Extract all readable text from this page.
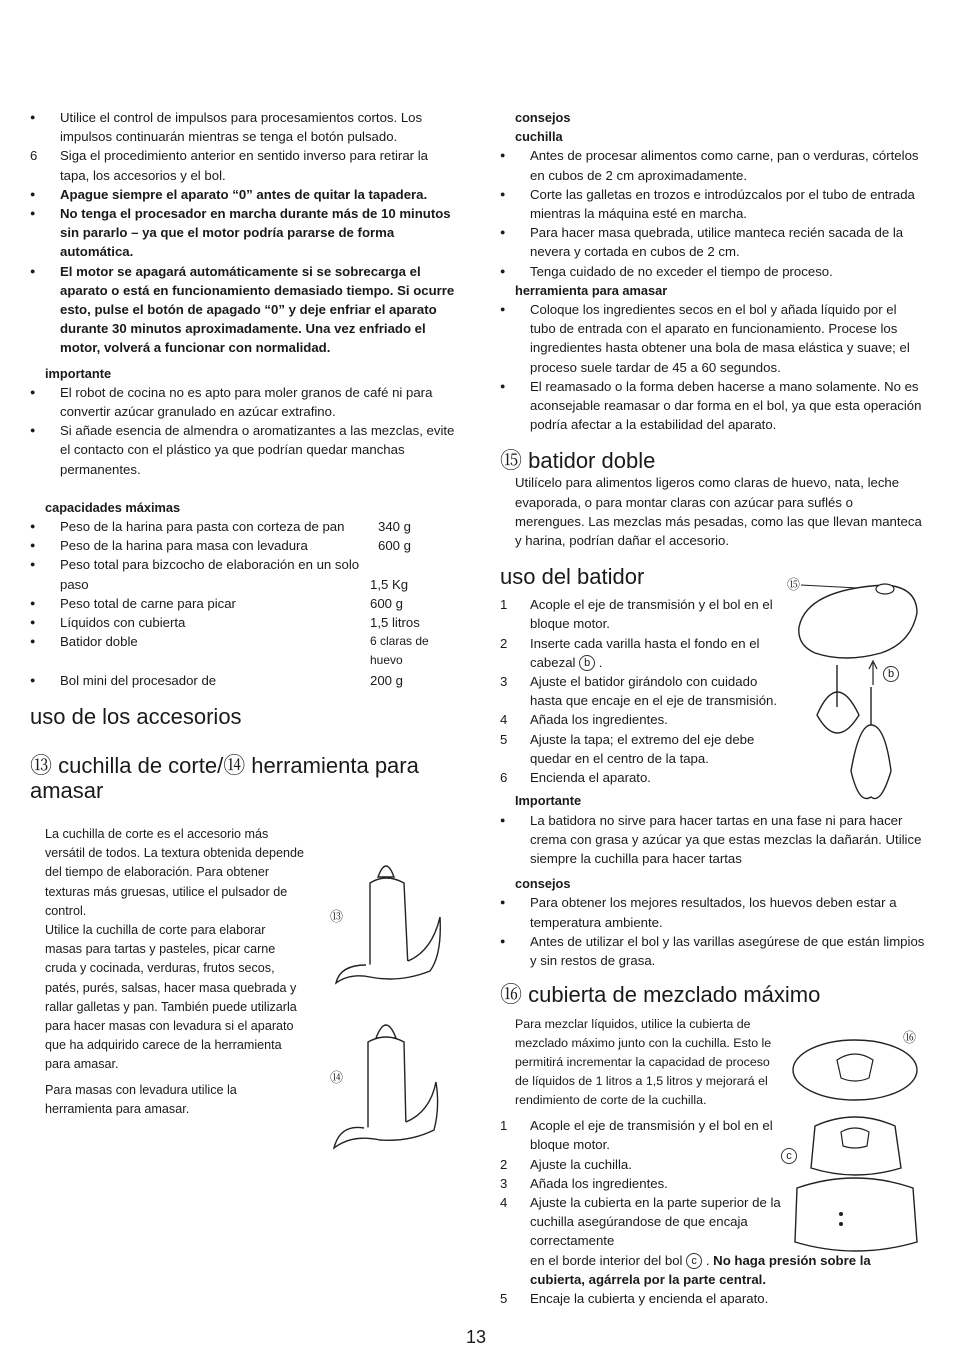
● Utilice el control de impulsos para procesamientos cortos. Los impulsos continuarán mientras se tenga el botón pulsado.
6 Siga el procedimiento anterior en sentido inverso para retirar la tapa, los accesorios y el bol.
● Apague siempre el aparato “0” antes de quitar la tapadera.
● No tenga el procesador en marcha durante más de 10 minutos sin pararlo – ya que el motor podría pararse de forma automática.
● El motor se apagará automáticamente si se sobrecarga el aparato o está en funcionamiento demasiado tiempo. Si ocurre esto, pulse el botón de apagado “0” y deje enfriar el aparato durante 30 minutos aproximadamente. Una vez enfriado el motor, volverá a funcionar con normalidad.
importante
● El robot de cocina no es apto para moler granos de café ni para convertir azúcar granulado en azúcar extrafino.
● Si añade esencia de almendra o aromatizantes a las mezclas, evite el contacto con el plástico ya que podrían quedar manchas permanentes.
capacidades máximas
● Peso de la harina para pasta con corteza de pan	340 g
● Peso de la harina para masa con levadura	600 g
● Peso total para bizcocho de elaboración en un solo paso	1,5 Kg
● Peso total de carne para picar	600 g
● Líquidos con cubierta	1,5 litros
● Batidor doble	6 claras de huevo
● Bol mini del procesador de	200 g
uso de los accesorios
⑬ cuchilla de corte/⑭ herramienta para amasar
La cuchilla de corte es el accesorio más versátil de todos. La textura obtenida depende del tiempo de elaboración. Para obtener texturas más gruesas, utilice el pulsador de control.
Utilice la cuchilla de corte para elaborar masas para tartas y pasteles, picar carne cruda y cocinada, verduras, frutos secos, patés, purés, salsas, hacer masa quebrada y rallar galletas y pan. También puede utilizarla para hacer masas con levadura si el aparato que ha adquirido carece de la herramienta para amasar.
Para masas con levadura utilice la herramienta para amasar.
⑬
⑭
consejos
cuchilla
● Antes de procesar alimentos como carne, pan o verduras, córtelos en cubos de 2 cm aproximadamente.
● Corte las galletas en trozos e introdúzcalos por el tubo de entrada mientras la máquina esté en marcha.
● Para hacer masa quebrada, utilice manteca recién sacada de la nevera y cortada en cubos de 2 cm.
● Tenga cuidado de no exceder el tiempo de proceso.
herramienta para amasar
● Coloque los ingredientes secos en el bol y añada líquido por el tubo de entrada con el aparato en funcionamiento. Procese los ingredientes hasta obtener una bola de masa elástica y suave; el proceso suele tardar de 45 a 60 segundos.
● El reamasado o la forma deben hacerse a mano solamente. No es aconsejable reamasar o dar forma en el bol, ya que esta operación podría afectar a la estabilidad del aparato.
⑮ batidor doble
Utilícelo para alimentos ligeros como claras de huevo, nata, leche evaporada, o para montar claras con azúcar para suflés o merengues. Las mezclas más pesadas, como las que llevan manteca y harina, podrían dañar el accesorio.
uso del batidor
1 Acople el eje de transmisión y el bol en el bloque motor.
2 Inserte cada varilla hasta el fondo en el cabezal b .
3 Ajuste el batidor girándolo con cuidado hasta que encaje en el eje de transmisión.
4 Añada los ingredientes.
5 Ajuste la tapa; el extremo del eje debe quedar en el centro de la tapa.
6 Encienda el aparato.
Importante
● La batidora no sirve para hacer tartas en una fase ni para hacer crema con grasa y azúcar ya que estas mezclas la dañarán. Utilice siempre la cuchilla para hacer tartas
consejos
● Para obtener los mejores resultados, los huevos deben estar a temperatura ambiente.
● Antes de utilizar el bol y las varillas asegúrese de que están limpios y sin restos de grasa.
⑯ cubierta de mezclado máximo
Para mezclar líquidos, utilice la cubierta de mezclado máximo junto con la cuchilla. Esto le permitirá incrementar la capacidad de proceso de líquidos de 1 litros a 1,5 litros y mejorará el rendimiento de corte de la cuchilla.
1 Acople el eje de transmisión y el bol en el bloque motor.
2 Ajuste la cuchilla.
3 Añada los ingredientes.
4 Ajuste la cubierta en la parte superior de la cuchilla asegúrandose de que encaja correctamente
en el borde interior del bol c . No haga presión sobre la cubierta, agárrela por la parte central.
5 Encaje la cubierta y encienda el aparato.
⑮
b
⑯
c
13
